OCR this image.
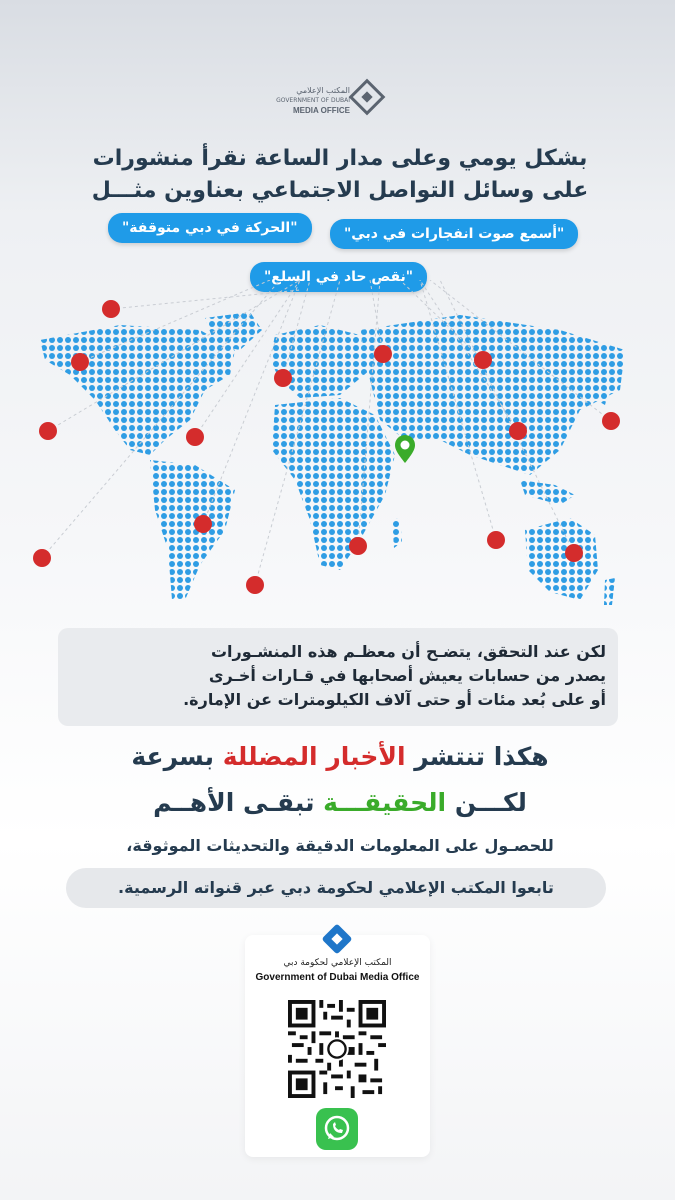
المكتب الإعلامي
GOVERNMENT OF DUBAI
MEDIA OFFICE
بشكل يومي وعلى مدار الساعة نقرأ منشورات
على وسائل التواصل الاجتماعي بعناوين مثـــل
"أسمع صوت انفجارات في دبي"
"الحركة في دبي متوقفة"
"نقص حاد في السلع"
لكن عند التحقق، يتضـح أن معظـم هذه المنشـورات
يصدر من حسابات يعيش أصحابها في قـارات أخـرى
أو على بُعد مئات أو حتى آلاف الكيلومترات عن الإمارة.
هكذا تنتشر الأخبار المضللة بسرعة
لكـــن الحقيقـــة تبقـى الأهــم
للحصـول على المعلومات الدقيقة والتحديثات الموثوقة،
تابعوا المكتب الإعلامي لحكومة دبي عبر قنواته الرسمية.
المكتب الإعلامي لحكومة دبي
Government of Dubai Media Office
